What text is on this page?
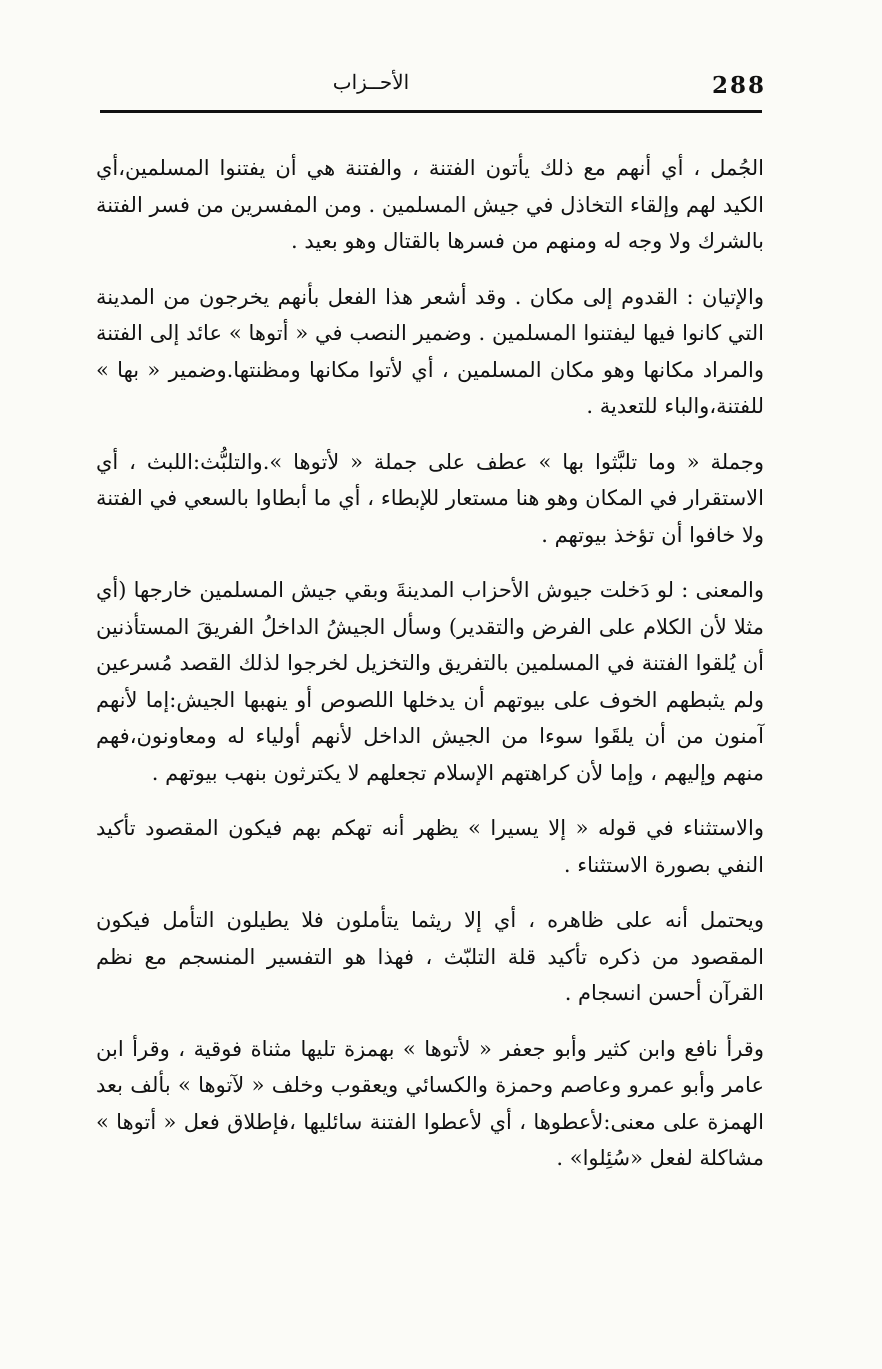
288
الأحــزاب

الجُمل ، أي أنهم مع ذلك يأتون الفتنة ، والفتنة هي أن يفتنوا المسلمين،أي الكيد لهم وإلقاء التخاذل في جيش المسلمين . ومن المفسرين من فسر الفتنة بالشرك ولا وجه له ومنهم من فسرها بالقتال وهو بعيد .

والإتيان : القدوم إلى مكان . وقد أشعر هذا الفعل بأنهم يخرجون من المدينة التي كانوا فيها ليفتنوا المسلمين . وضمير النصب في « أتوها » عائد إلى الفتنة والمراد مكانها وهو مكان المسلمين ، أي لأتوا مكانها ومظنتها.وضمير « بها » للفتنة،والباء للتعدية .

وجملة « وما تلبَّثوا بها » عطف على جملة « لأتوها ».والتلبُّث:اللبث ، أي الاستقرار في المكان وهو هنا مستعار للإبطاء ، أي ما أبطاوا بالسعي في الفتنة ولا خافوا أن تؤخذ بيوتهم .

والمعنى : لو دَخلت جيوش الأحزاب المدينةَ وبقي جيش المسلمين خارجها (أي مثلا لأن الكلام على الفرض والتقدير) وسأل الجيشُ الداخلُ الفريقَ المستأذنين أن يُلقوا الفتنة في المسلمين بالتفريق والتخزيل لخرجوا لذلك القصد مُسرعين ولم يثبطهم الخوف على بيوتهم أن يدخلها اللصوص أو ينهبها الجيش:إما لأنهم آمنون من أن يلقَوا سوءا من الجيش الداخل لأنهم أولياء له ومعاونون،فهم منهم وإليهم ، وإما لأن كراهتهم الإسلام تجعلهم لا يكترثون بنهب بيوتهم .

والاستثناء في قوله « إلا يسيرا » يظهر أنه تهكم بهم فيكون المقصود تأكيد النفي بصورة الاستثناء .

ويحتمل أنه على ظاهره ، أي إلا ريثما يتأملون فلا يطيلون التأمل فيكون المقصود من ذكره تأكيد قلة التلبّث ، فهذا هو التفسير المنسجم مع نظم القرآن أحسن انسجام .

وقرأ نافع وابن كثير وأبو جعفر « لأتوها » بهمزة تليها مثناة فوقية ، وقرأ ابن عامر وأبو عمرو وعاصم وحمزة والكسائي ويعقوب وخلف « لآتوها » بألف بعد الهمزة على معنى:لأعطوها ، أي لأعطوا الفتنة سائليها ،فإطلاق فعل « أتوها » مشاكلة لفعل «سُئِلوا» .
